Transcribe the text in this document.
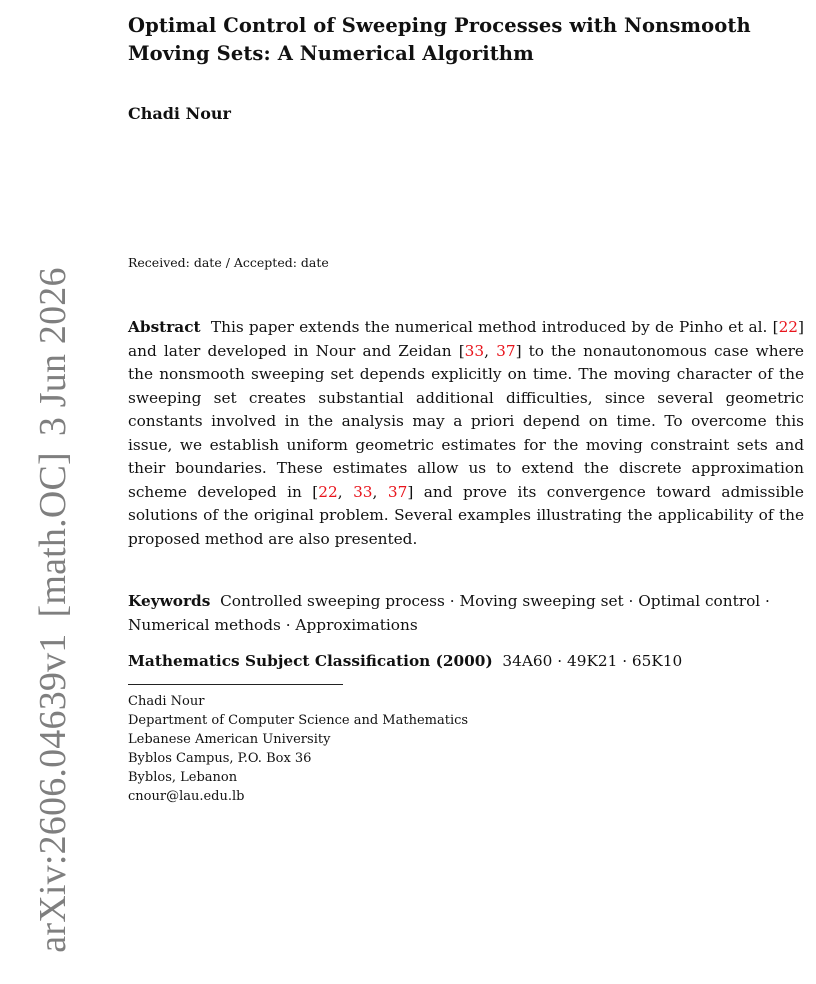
arXiv:2606.04639v1[math.OC]3 Jun 2026
Optimal Control of Sweeping Processes with Nonsmooth
Moving Sets: A Numerical Algorithm

Chadi Nour

Received: date / Accepted: date

Abstract This paper extends the numerical method introduced by de Pinho et al. [22] and later developed in Nour and Zeidan [33, 37] to the nonautonomous case where the nonsmooth sweeping set depends explicitly on time. The moving character of the sweeping set creates substantial additional difficulties, since several geometric constants involved in the analysis may a priori depend on time. To overcome this issue, we establish uniform geometric estimates for the moving constraint sets and their boundaries. These estimates allow us to extend the discrete approximation scheme developed in [22, 33, 37] and prove its convergence toward admissible solutions of the original problem. Several examples illustrating the applicability of the proposed method are also presented.

Keywords Controlled sweeping process · Moving sweeping set · Optimal control · Numerical methods · Approximations

Mathematics Subject Classification (2000) 34A60 · 49K21 · 65K10

Chadi Nour
Department of Computer Science and Mathematics
Lebanese American University
Byblos Campus, P.O. Box 36
Byblos, Lebanon
cnour@lau.edu.lb
